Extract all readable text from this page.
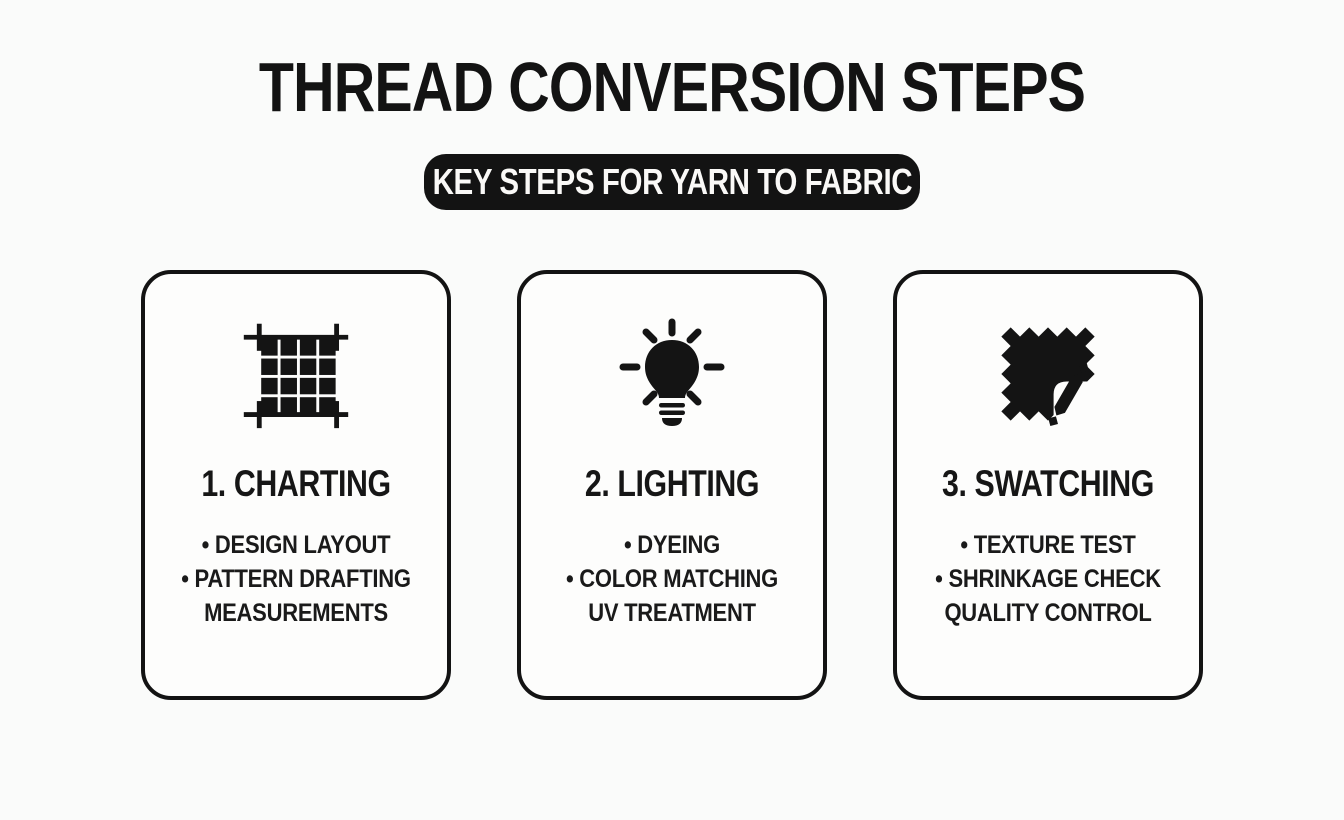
THREAD CONVERSION STEPS
KEY STEPS FOR YARN TO FABRIC
1. CHARTING
• DESIGN LAYOUT
• PATTERN DRAFTING
MEASUREMENTS
2. LIGHTING
• DYEING
• COLOR MATCHING
UV TREATMENT
3. SWATCHING
• TEXTURE TEST
• SHRINKAGE CHECK
QUALITY CONTROL
